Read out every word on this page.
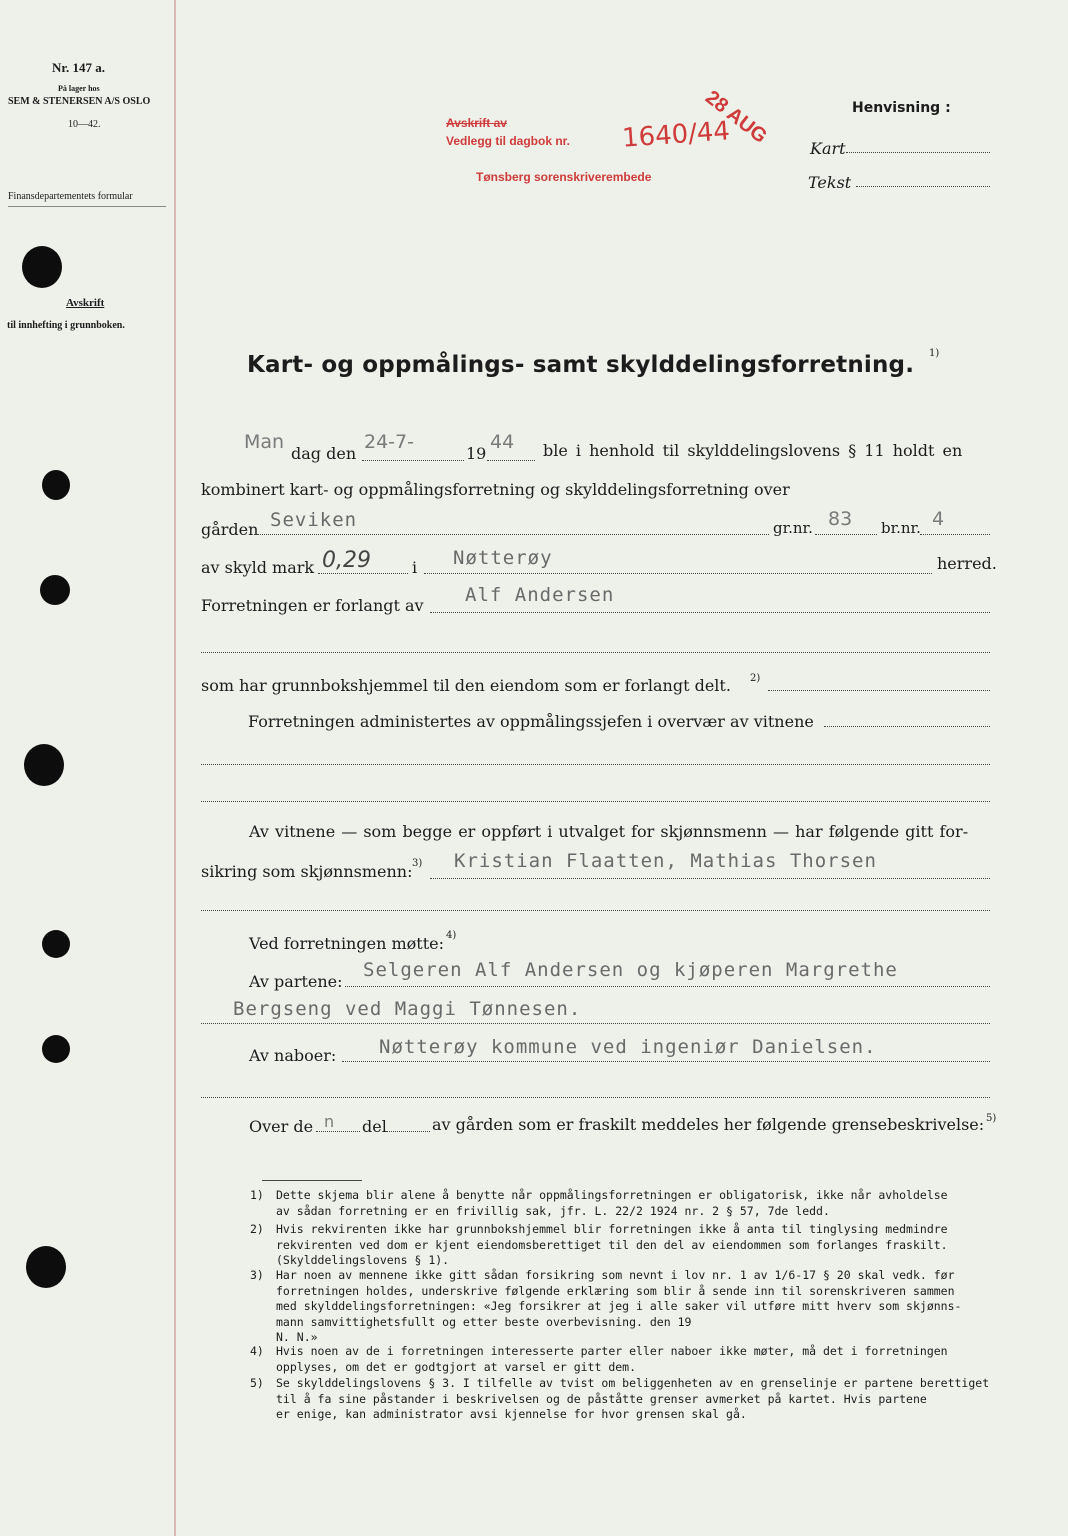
Nr. 147 a.
På lager hos
SEM & STENERSEN A/S OSLO
10—42.
Finansdepartementets formular
Avskrift
til innhefting i grunnboken.
Avskrift av
Vedlegg til dagbok nr. 1640/44
Tønsberg sorenskriverembede
28 AUG	Henvisning :
Kart
Tekst
Kart- og oppmålings- samt skylddelingsforretning. 1)
Man
dag den
24-7-
19
44 ble i henhold til skylddelingslovens § 11 holdt en
kombinert kart- og oppmålingsforretning og skylddelingsforretning over
gården Seviken	gr.nr. 83 br.nr. 4
av skyld mark 0,29	i Nøtterøy	herred.
Forretningen er forlangt av Alf Andersen
som har grunnbokshjemmel til den eiendom som er forlangt delt. 2)
Forretningen administertes av oppmålingssjefen i overvær av vitnene
Av vitnene — som begge er oppført i utvalget for skjønnsmenn — har følgende gitt for-
sikring som skjønnsmenn: 3) Kristian Flaatten, Mathias Thorsen
Ved forretningen møtte: 4)
Av partene:
Selgeren Alf Andersen og kjøperen Margrethe
Bergseng ved Maggi Tønnesen.
Av naboer: Nøtterøy kommune ved ingeniør Danielsen.
Over de n del	av gården som er fraskilt meddeles her følgende grensebeskrivelse: 5)
1) Dette skjema blir alene å benytte når oppmålingsforretningen er obligatorisk, ikke når avholdelse
av sådan forretning er en frivillig sak, jfr. L. 22/2 1924 nr. 2 § 57, 7de ledd.
2) Hvis rekvirenten ikke har grunnbokshjemmel blir forretningen ikke å anta til tinglysing medmindre
rekvirenten ved dom er kjent eiendomsberettiget til den del av eiendommen som forlanges fraskilt.
(Skylddelingslovens § 1).
3) Har noen av mennene ikke gitt sådan forsikring som nevnt i lov nr. 1 av 1/6-17 § 20 skal vedk. før
forretningen holdes, underskrive følgende erklæring som blir å sende inn til sorenskriveren sammen
med skylddelingsforretningen: «Jeg forsikrer at jeg i alle saker vil utføre mitt hverv som skjønns-
mann samvittighetsfullt og etter beste overbevisning. den 19
N. N.»
4) Hvis noen av de i forretningen interesserte parter eller naboer ikke møter, må det i forretningen
opplyses, om det er godtgjort at varsel er gitt dem.
5) Se skylddelingslovens § 3. I tilfelle av tvist om beliggenheten av en grenselinje er partene berettiget
til å fa sine påstander i beskrivelsen og de påståtte grenser avmerket på kartet. Hvis partene
er enige, kan administrator avsi kjennelse for hvor grensen skal gå.
